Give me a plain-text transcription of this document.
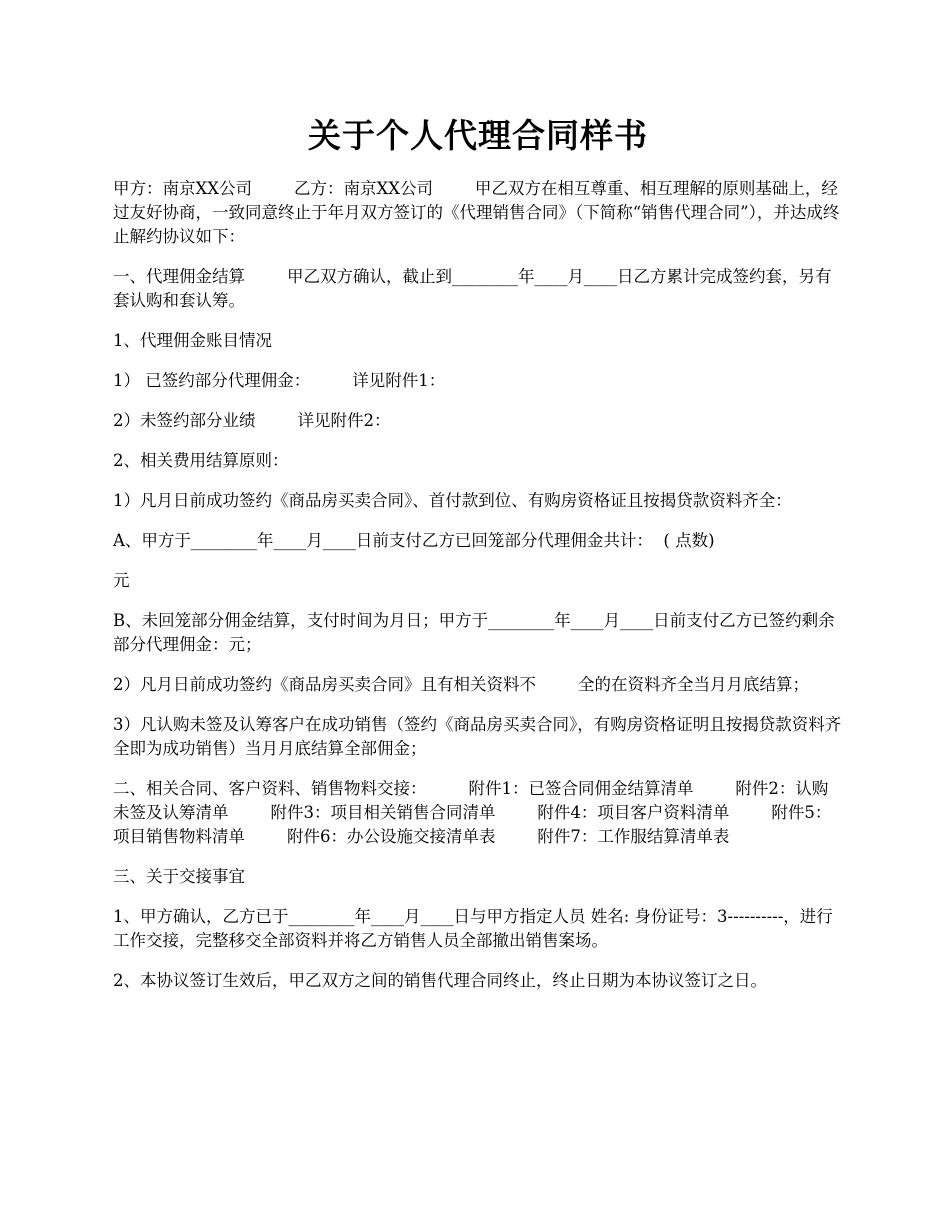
关于个人代理合同样书

甲方：南京XX公司        乙方：南京XX公司        甲乙双方在相互尊重、相互理解的原则基础上，经过友好协商，一致同意终止于年月双方签订的《代理销售合同》（下简称“销售代理合同”），并达成终止解约协议如下：

一、代理佣金结算        甲乙双方确认，截止到________年____月____日乙方累计完成签约套，另有套认购和套认筹。

1、代理佣金账目情况

1） 已签约部分代理佣金：        详见附件1：

2）未签约部分业绩        详见附件2：

2、相关费用结算原则：

1）凡月日前成功签约《商品房买卖合同》、首付款到位、有购房资格证且按揭贷款资料齐全：

A、甲方于________年____月____日前支付乙方已回笼部分代理佣金共计：  ( 点数)

元

B、未回笼部分佣金结算，支付时间为月日；甲方于________年____月____日前支付乙方已签约剩余部分代理佣金：元；

2）凡月日前成功签约《商品房买卖合同》且有相关资料不        全的在资料齐全当月月底结算；

3）凡认购未签及认筹客户在成功销售（签约《商品房买卖合同》，有购房资格证明且按揭贷款资料齐全即为成功销售）当月月底结算全部佣金；

二、相关合同、客户资料、销售物料交接：        附件1：已签合同佣金结算清单        附件2：认购未签及认筹清单        附件3：项目相关销售合同清单        附件4：项目客户资料清单        附件5：项目销售物料清单        附件6：办公设施交接清单表        附件7：工作服结算清单表

三、关于交接事宜

1、甲方确认，乙方已于________年____月____日与甲方指定人员 姓名: 身份证号：3----------，进行工作交接，完整移交全部资料并将乙方销售人员全部撤出销售案场。

2、本协议签订生效后，甲乙双方之间的销售代理合同终止，终止日期为本协议签订之日。
